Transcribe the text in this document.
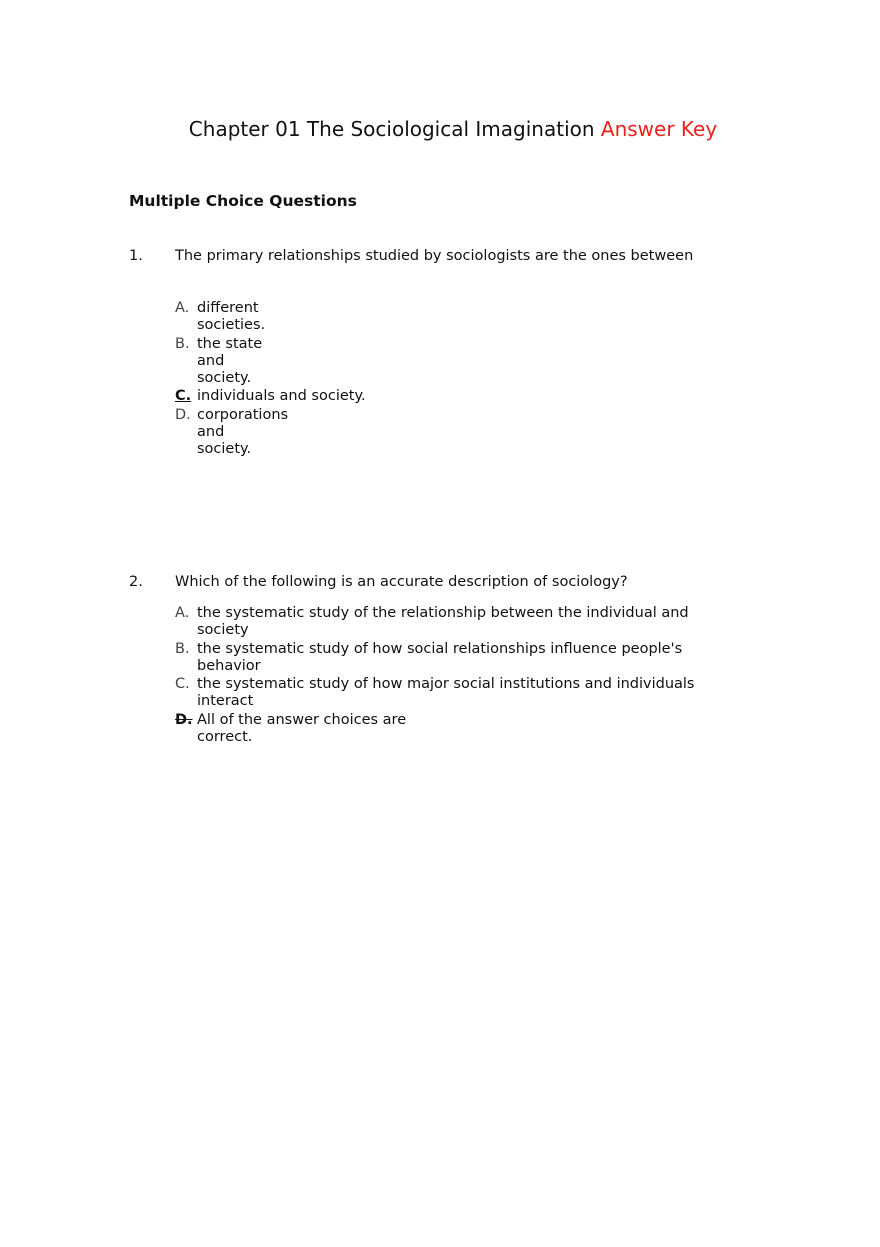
Chapter 01 The Sociological Imagination Answer Key
Multiple Choice Questions
1. The primary relationships studied by sociologists are the ones between
A. different societies.
B. the state and society.
C. individuals and society.
D. corporations and society.
2. Which of the following is an accurate description of sociology?
A. the systematic study of the relationship between the individual and society
B. the systematic study of how social relationships influence people's behavior
C. the systematic study of how major social institutions and individuals interact
D. All of the answer choices are correct.
